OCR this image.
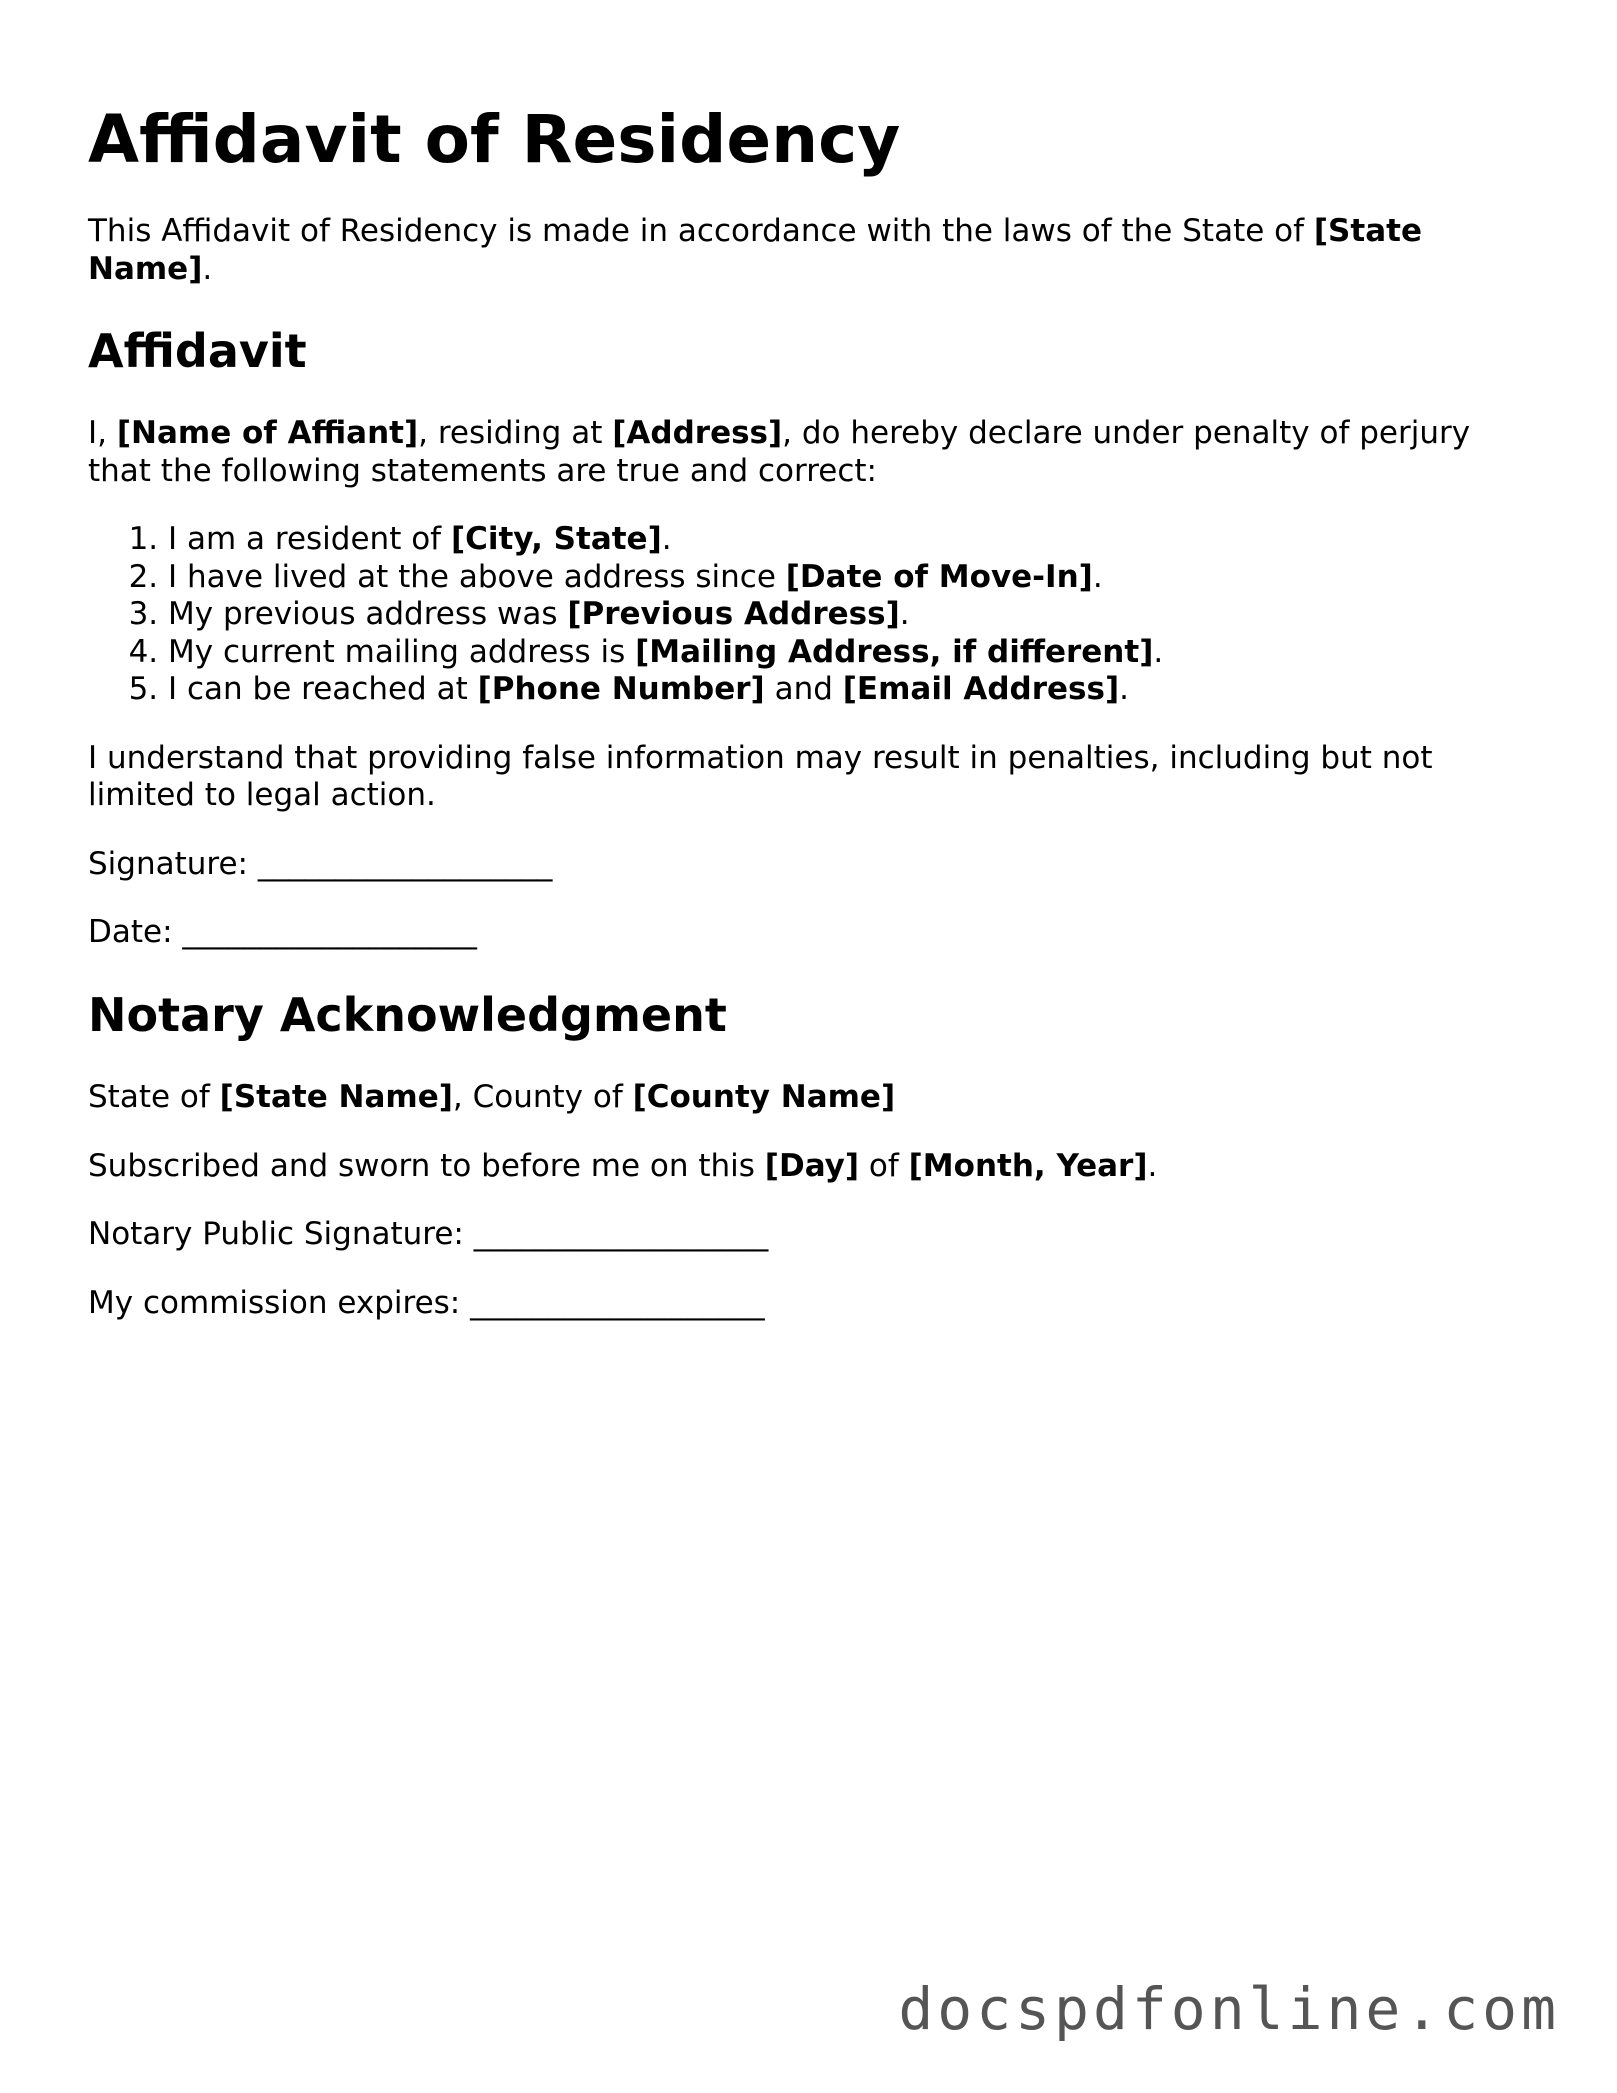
Affidavit of Residency

This Affidavit of Residency is made in accordance with the laws of the State of [State Name].

Affidavit

I, [Name of Affiant], residing at [Address], do hereby declare under penalty of perjury that the following statements are true and correct:

1. I am a resident of [City, State].
2. I have lived at the above address since [Date of Move-In].
3. My previous address was [Previous Address].
4. My current mailing address is [Mailing Address, if different].
5. I can be reached at [Phone Number] and [Email Address].

I understand that providing false information may result in penalties, including but not limited to legal action.

Signature: ___________________

Date: ___________________

Notary Acknowledgment

State of [State Name], County of [County Name]

Subscribed and sworn to before me on this [Day] of [Month, Year].

Notary Public Signature: ___________________

My commission expires: ___________________

docspdfonline.com
